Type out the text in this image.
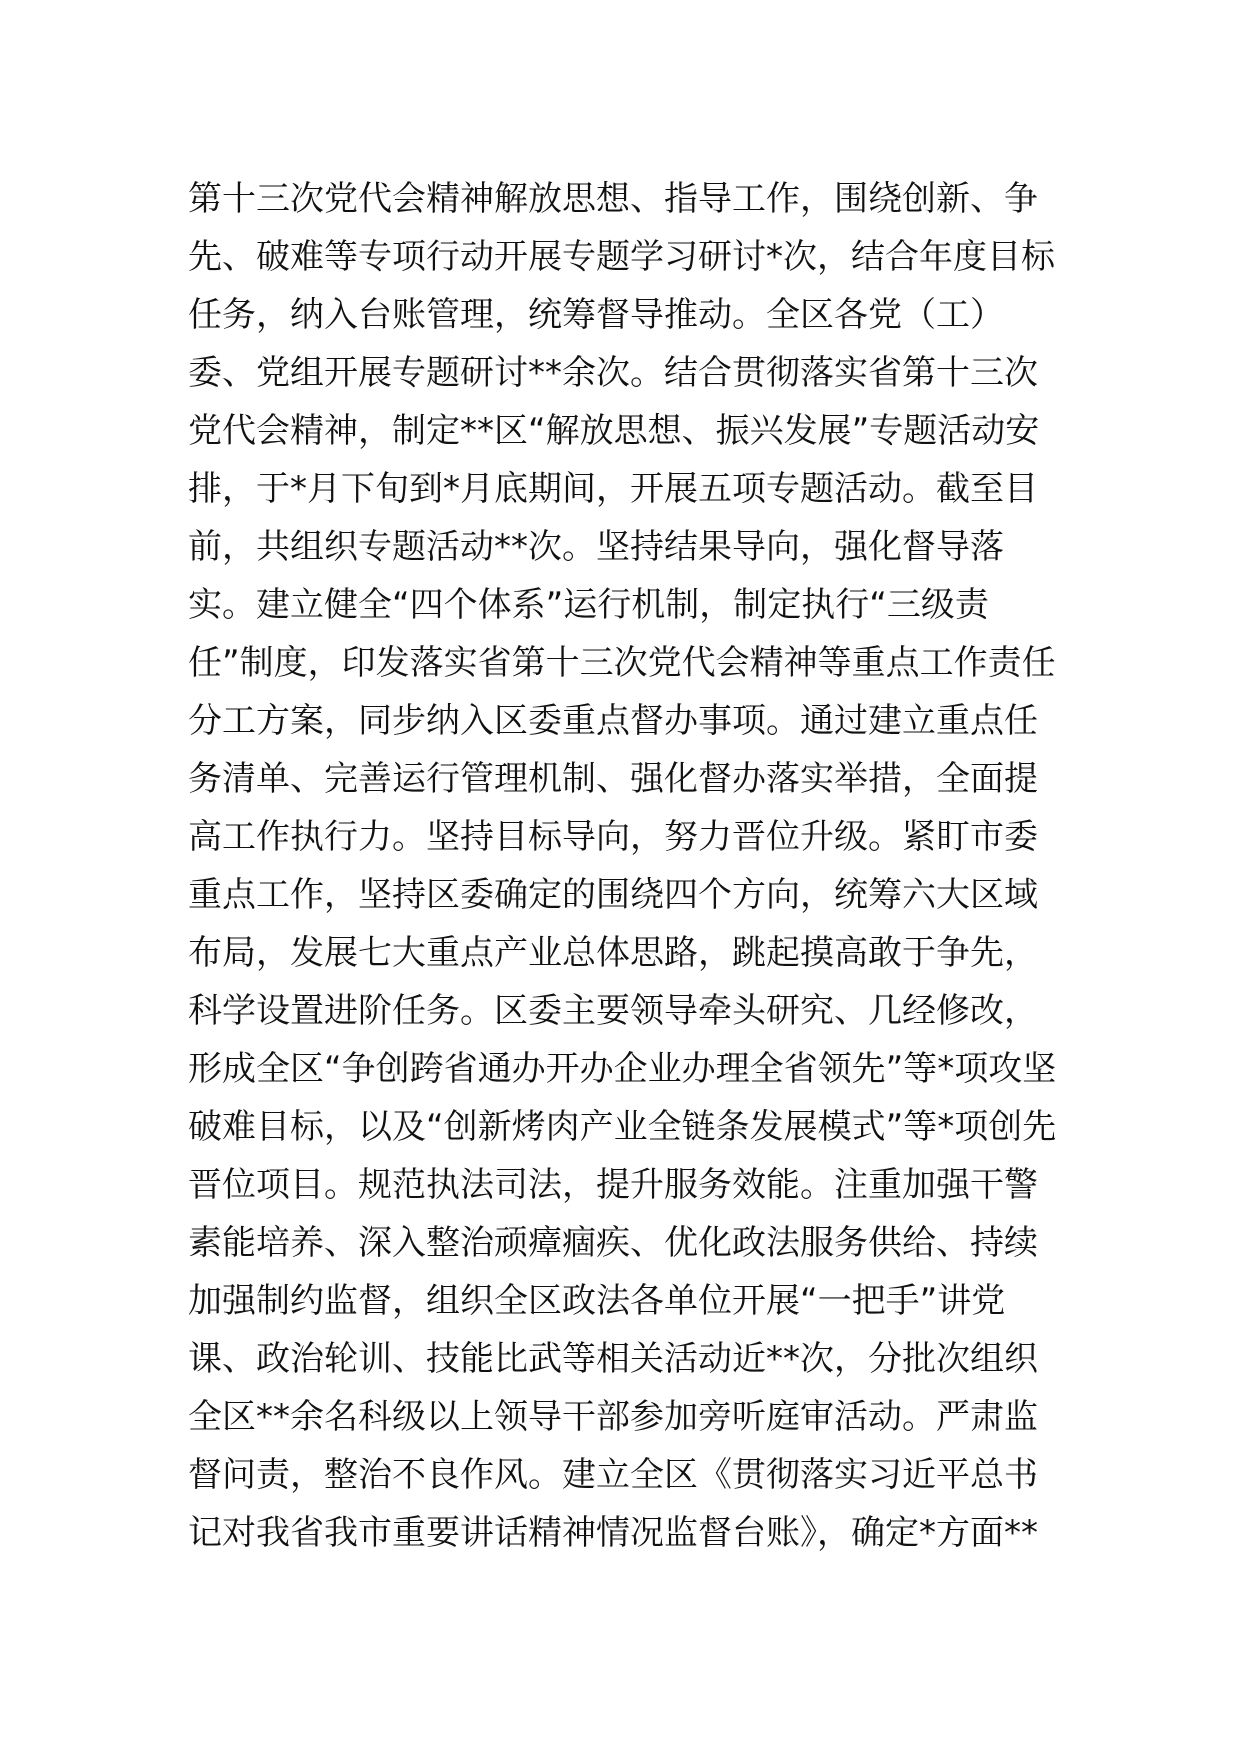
第十三次党代会精神解放思想、指导工作，围绕创新、争
先、破难等专项行动开展专题学习研讨*次，结合年度目标
任务，纳入台账管理，统筹督导推动。全区各党（工）
委、党组开展专题研讨**余次。结合贯彻落实省第十三次
党代会精神，制定**区“解放思想、振兴发展”专题活动安
排，于*月下旬到*月底期间，开展五项专题活动。截至目
前，共组织专题活动**次。坚持结果导向，强化督导落
实。建立健全“四个体系”运行机制，制定执行“三级责
任”制度，印发落实省第十三次党代会精神等重点工作责任
分工方案，同步纳入区委重点督办事项。通过建立重点任
务清单、完善运行管理机制、强化督办落实举措，全面提
高工作执行力。坚持目标导向，努力晋位升级。紧盯市委
重点工作，坚持区委确定的围绕四个方向，统筹六大区域
布局，发展七大重点产业总体思路，跳起摸高敢于争先，
科学设置进阶任务。区委主要领导牵头研究、几经修改，
形成全区“争创跨省通办开办企业办理全省领先”等*项攻坚
破难目标，以及“创新烤肉产业全链条发展模式”等*项创先
晋位项目。规范执法司法，提升服务效能。注重加强干警
素能培养、深入整治顽瘴痼疾、优化政法服务供给、持续
加强制约监督，组织全区政法各单位开展“一把手”讲党
课、政治轮训、技能比武等相关活动近**次，分批次组织
全区**余名科级以上领导干部参加旁听庭审活动。严肃监
督问责，整治不良作风。建立全区《贯彻落实习近平总书
记对我省我市重要讲话精神情况监督台账》，确定*方面**
